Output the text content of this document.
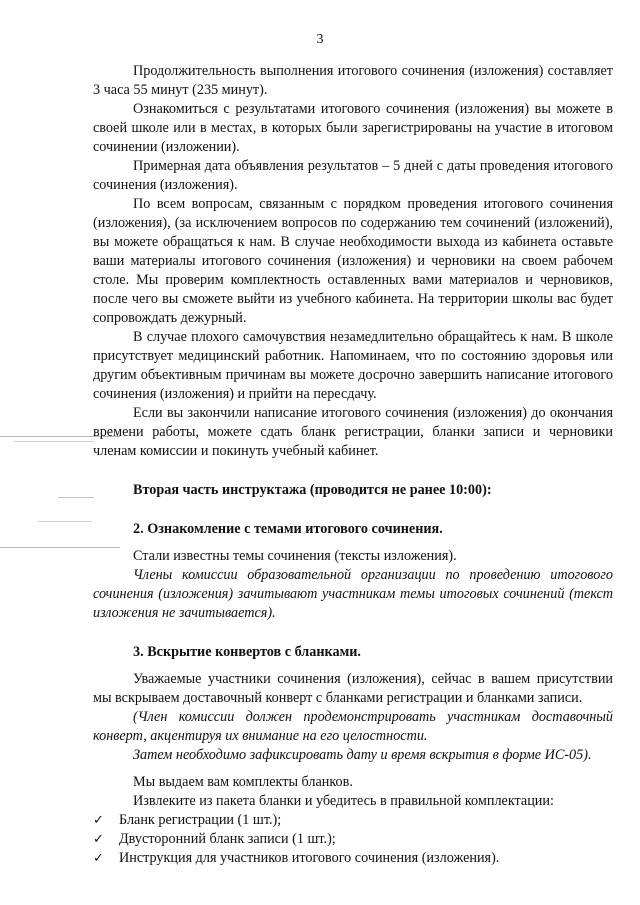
3

Продолжительность выполнения итогового сочинения (изложения) составляет 3 часа 55 минут (235 минут).

Ознакомиться с результатами итогового сочинения (изложения) вы можете в своей школе или в местах, в которых были зарегистрированы на участие в итоговом сочинении (изложении).

Примерная дата объявления результатов – 5 дней с даты проведения итогового сочинения (изложения).

По всем вопросам, связанным с порядком проведения итогового сочинения (изложения), (за исключением вопросов по содержанию тем сочинений (изложений), вы можете обращаться к нам. В случае необходимости выхода из кабинета оставьте ваши материалы итогового сочинения (изложения) и черновики на своем рабочем столе. Мы проверим комплектность оставленных вами материалов и черновиков, после чего вы сможете выйти из учебного кабинета. На территории школы вас будет сопровождать дежурный.

В случае плохого самочувствия незамедлительно обращайтесь к нам. В школе присутствует медицинский работник. Напоминаем, что по состоянию здоровья или другим объективным причинам вы можете досрочно завершить написание итогового сочинения (изложения) и прийти на пересдачу.

Если вы закончили написание итогового сочинения (изложения) до окончания времени работы, можете сдать бланк регистрации, бланки записи и черновики членам комиссии и покинуть учебный кабинет.

Вторая часть инструктажа (проводится не ранее 10:00):

2. Ознакомление с темами итогового сочинения.

Стали известны темы сочинения (тексты изложения).

Члены комиссии образовательной организации по проведению итогового сочинения (изложения) зачитывают участникам темы итоговых сочинений (текст изложения не зачитывается).

3. Вскрытие конвертов с бланками.

Уважаемые участники сочинения (изложения), сейчас в вашем присутствии мы вскрываем доставочный конверт с бланками регистрации и бланками записи.

(Член комиссии должен продемонстрировать участникам доставочный конверт, акцентируя их внимание на его целостности.

Затем необходимо зафиксировать дату и время вскрытия в форме ИС-05).

Мы выдаем вам комплекты бланков.

Извлеките из пакета бланки и убедитесь в правильной комплектации:

✓	Бланк регистрации (1 шт.);
✓	Двусторонний бланк записи (1 шт.);
✓	Инструкция для участников итогового сочинения (изложения).
